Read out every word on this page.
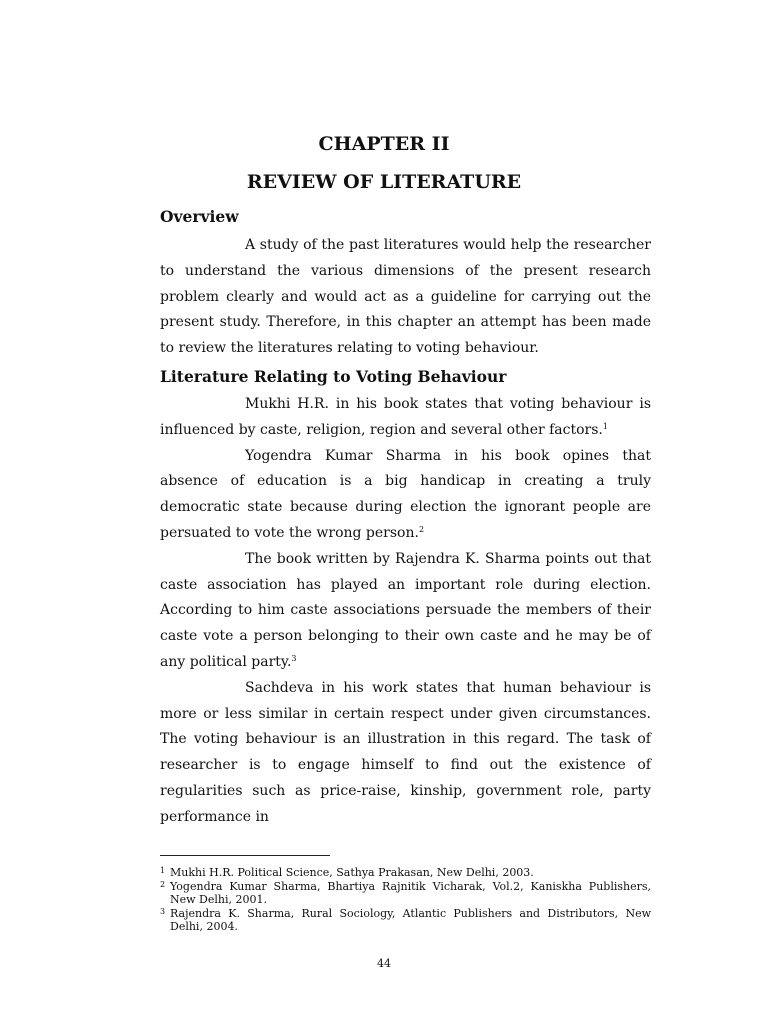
CHAPTER II
REVIEW OF LITERATURE
Overview

A study of the past literatures would help the researcher to understand the various dimensions of the present research problem clearly and would act as a guideline for carrying out the present study. Therefore, in this chapter an attempt has been made to review the literatures relating to voting behaviour.

Literature Relating to Voting Behaviour

Mukhi H.R. in his book states that voting behaviour is influenced by caste, religion, region and several other factors.$^1$

Yogendra Kumar Sharma in his book opines that absence of education is a big handicap in creating a truly democratic state because during election the ignorant people are persuated to vote the wrong person.$^2$

The book written by Rajendra K. Sharma points out that caste association has played an important role during election. According to him caste associations persuade the members of their caste vote a person belonging to their own caste and he may be of any political party.$^3$

Sachdeva in his work states that human behaviour is more or less similar in certain respect under given circumstances. The voting behaviour is an illustration in this regard. The task of researcher is to engage himself to find out the existence of regularities such as price-raise, kinship, government role, party performance in

1 Mukhi H.R. Political Science, Sathya Prakasan, New Delhi, 2003.
2 Yogendra Kumar Sharma, Bhartiya Rajnitik Vicharak, Vol.2, Kaniskha Publishers, New Delhi, 2001.
3 Rajendra K. Sharma, Rural Sociology, Atlantic Publishers and Distributors, New Delhi, 2004.
44
